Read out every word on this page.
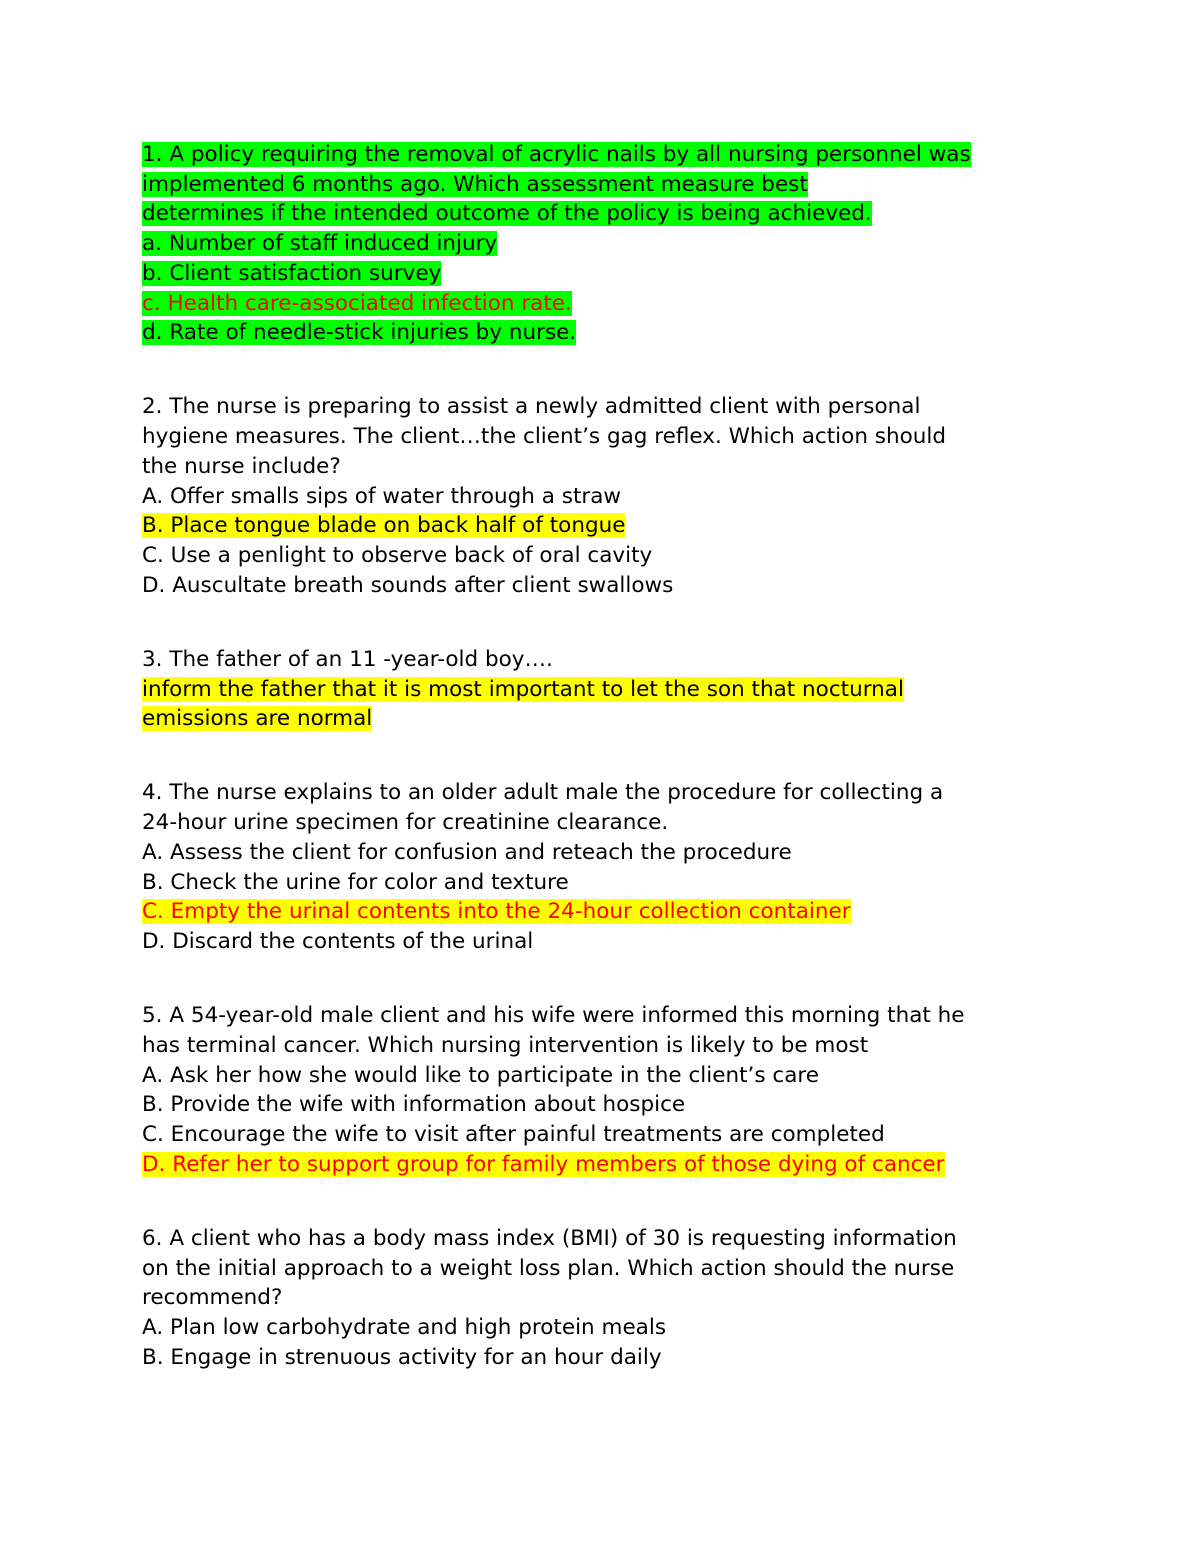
1. A policy requiring the removal of acrylic nails by all nursing personnel was
implemented 6 months ago. Which assessment measure best
determines if the intended outcome of the policy is being achieved.
a. Number of staff induced injury
b. Client satisfaction survey
c. Health care-associated infection rate.
d. Rate of needle-stick injuries by nurse.
2. The nurse is preparing to assist a newly admitted client with personal
hygiene measures. The client…the client’s gag reflex. Which action should
the nurse include?
A. Offer smalls sips of water through a straw
B. Place tongue blade on back half of tongue
C. Use a penlight to observe back of oral cavity
D. Auscultate breath sounds after client swallows
3. The father of an 11 -year-old boy….
inform the father that it is most important to let the son that nocturnal
emissions are normal
4. The nurse explains to an older adult male the procedure for collecting a
24-hour urine specimen for creatinine clearance.
A. Assess the client for confusion and reteach the procedure
B. Check the urine for color and texture
C. Empty the urinal contents into the 24-hour collection container
D. Discard the contents of the urinal
5. A 54-year-old male client and his wife were informed this morning that he
has terminal cancer. Which nursing intervention is likely to be most
A. Ask her how she would like to participate in the client’s care
B. Provide the wife with information about hospice
C. Encourage the wife to visit after painful treatments are completed
D. Refer her to support group for family members of those dying of cancer
6. A client who has a body mass index (BMI) of 30 is requesting information
on the initial approach to a weight loss plan. Which action should the nurse
recommend?
A. Plan low carbohydrate and high protein meals
B. Engage in strenuous activity for an hour daily
